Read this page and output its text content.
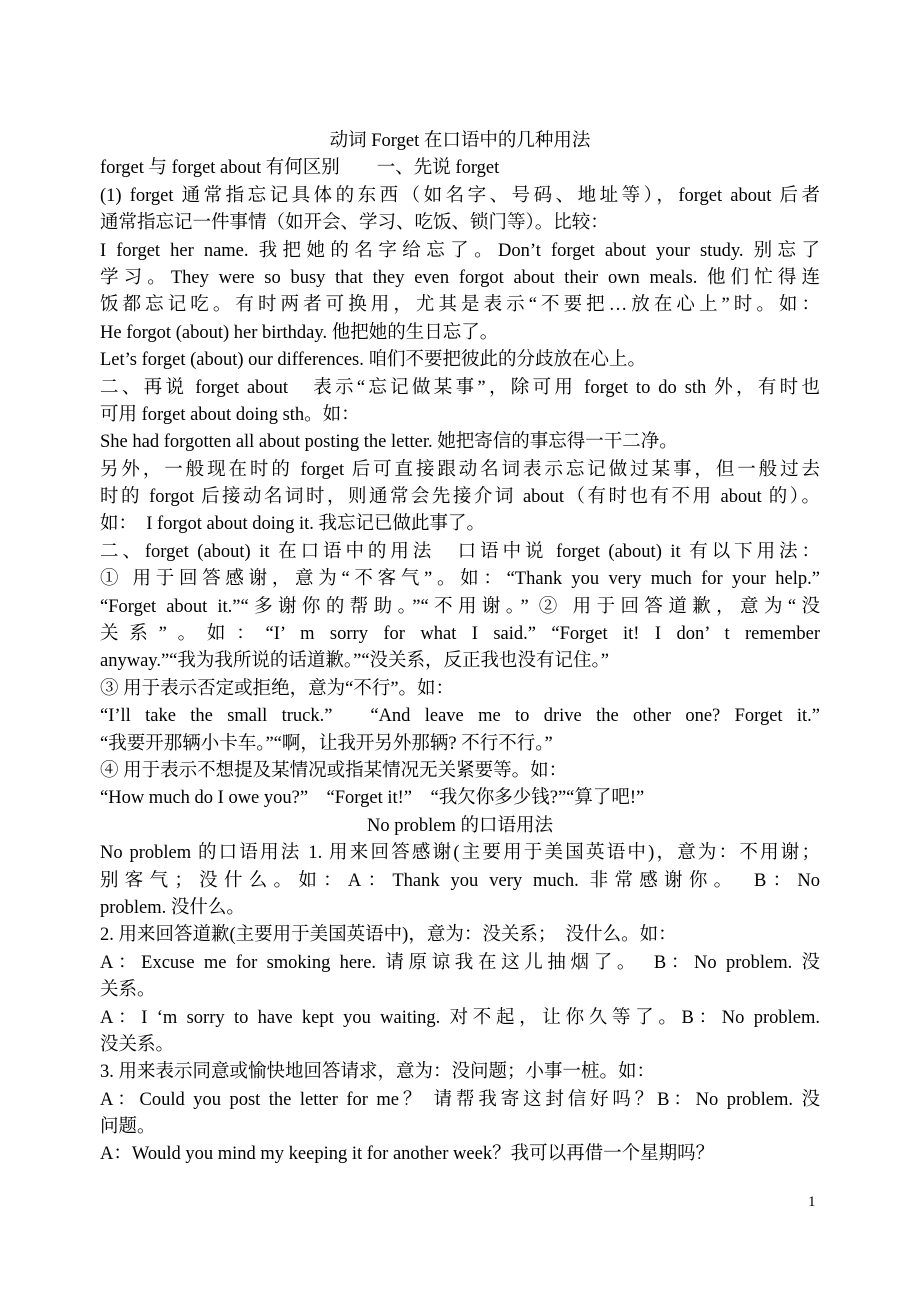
动词 Forget 在口语中的几种用法
forget 与 forget about 有何区别　　一、先说 forget
(1) forget 通常指忘记具体的东西（如名字、号码、地址等），forget about 后者
通常指忘记一件事情（如开会、学习、吃饭、锁门等）。比较：
I forget her name. 我把她的名字给忘了。Don’t forget about your study. 别忘了
学习。They were so busy that they even forgot about their own meals. 他们忙得连
饭都忘记吃。有时两者可换用，尤其是表示“不要把…放在心上”时。如：
He forgot (about) her birthday. 他把她的生日忘了。
Let’s forget (about) our differences. 咱们不要把彼此的分歧放在心上。
二、再说 forget about　表示“忘记做某事”，除可用 forget to do sth 外，有时也
可用 forget about doing sth。如：
She had forgotten all about posting the letter. 她把寄信的事忘得一干二净。
另外，一般现在时的 forget 后可直接跟动名词表示忘记做过某事，但一般过去
时的 forgot 后接动名词时，则通常会先接介词 about（有时也有不用 about 的）。
如：　I forgot about doing it. 我忘记已做此事了。
二、forget (about) it 在口语中的用法　口语中说 forget (about) it 有以下用法：
① 用于回答感谢，意为“不客气”。如：“Thank you very much for your help.”
“Forget about it.”“多谢你的帮助。”“不用谢。” ② 用于回答道歉，意为“没
关系”。如：“I’ m sorry for what I said.” “Forget it! I don’ t remember
anyway.”“我为我所说的话道歉。”“没关系，反正我也没有记住。”
③ 用于表示否定或拒绝，意为“不行”。如：
“I’ll take the small truck.”　“And leave me to drive the other one? Forget it.”
“我要开那辆小卡车。”“啊，让我开另外那辆? 不行不行。”
④ 用于表示不想提及某情况或指某情况无关紧要等。如：
“How much do I owe you?”　“Forget it!”　“我欠你多少钱?”“算了吧!”
No problem 的口语用法
No problem 的口语用法 1. 用来回答感谢(主要用于美国英语中)，意为：不用谢；
别客气；没什么。如：A：Thank you very much. 非常感谢你。　B：No
problem. 没什么。
2. 用来回答道歉(主要用于美国英语中)，意为：没关系；　没什么。如：
A：Excuse me for smoking here. 请原谅我在这儿抽烟了。　B：No problem. 没
关系。
A：I ‘m sorry to have kept you waiting. 对不起，让你久等了。B：No problem.
没关系。
3. 用来表示同意或愉快地回答请求，意为：没问题；小事一桩。如：
A：Could you post the letter for me？ 请帮我寄这封信好吗？B：No problem. 没
问题。
A：Would you mind my keeping it for another week？我可以再借一个星期吗？
1
